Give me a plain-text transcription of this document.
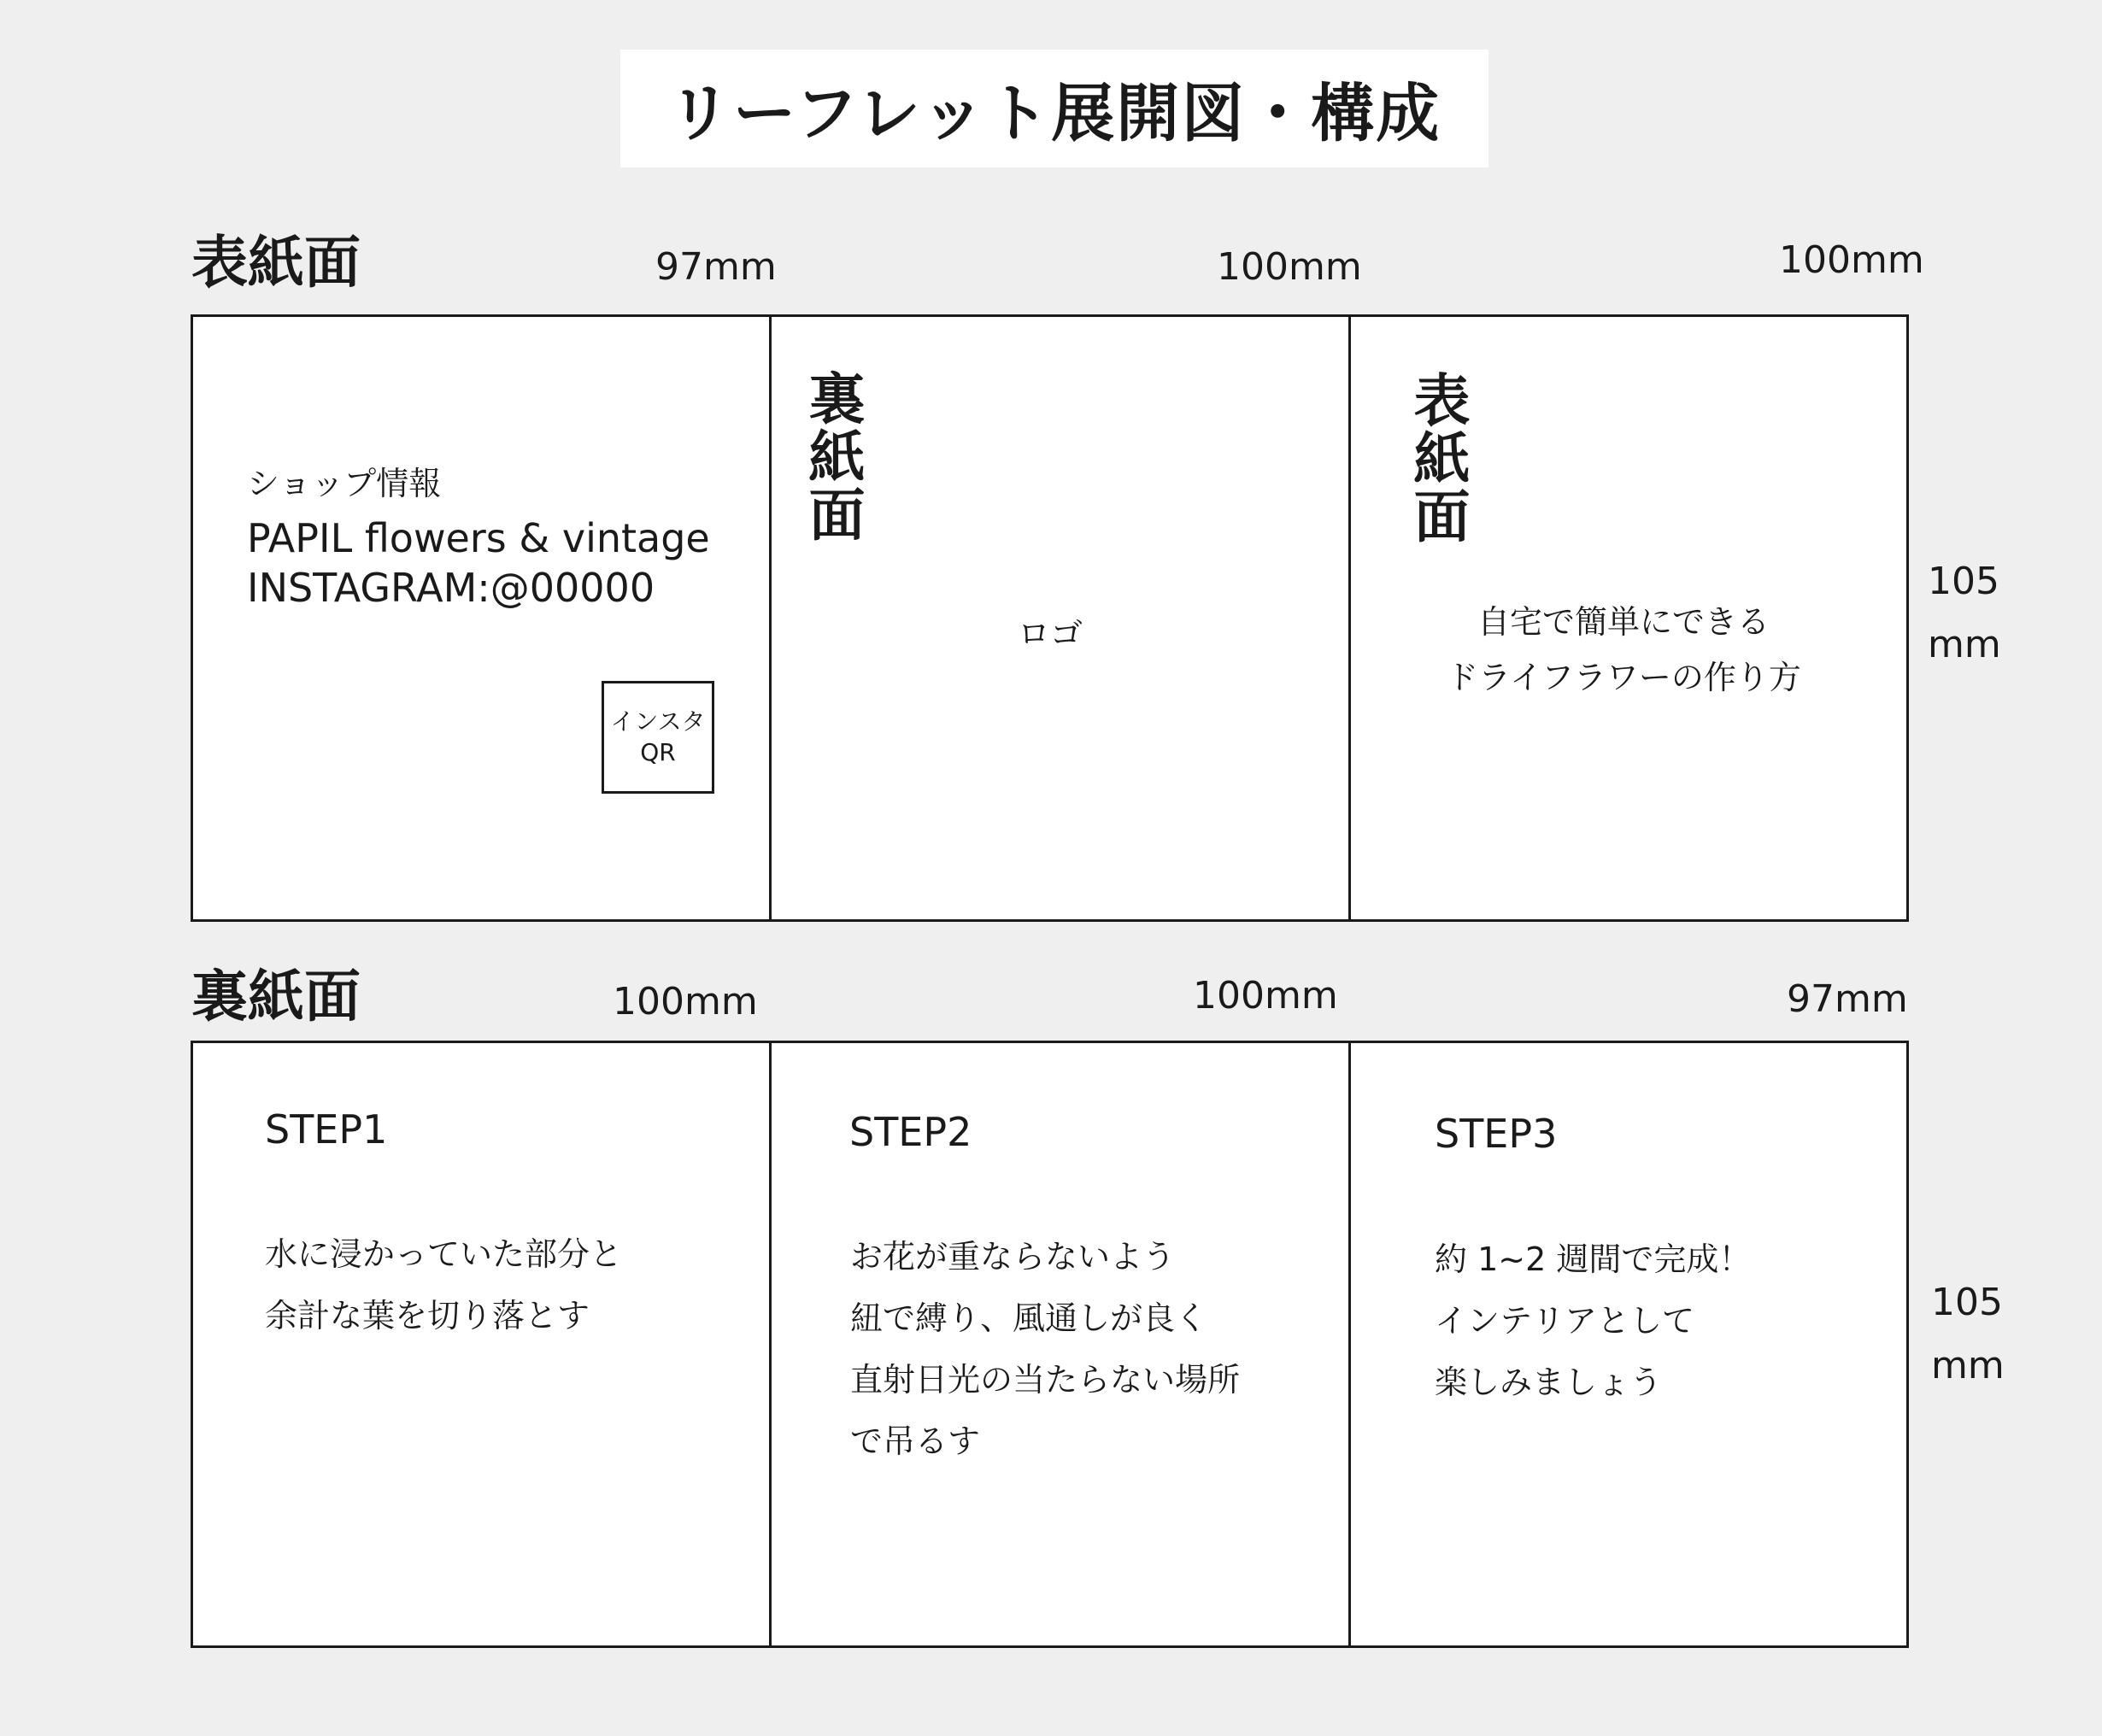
リーフレット展開図・構成
表紙面	97mm	100mm	100mm
105
mm
ショップ情報
PAPIL flowers & vintage
INSTAGRAM:@00000
インスタ
QR
裏紙面
ロゴ
表紙面
自宅で簡単にできる
ドライフラワーの作り方
裏紙面	100mm	100mm	97mm
105
mm
STEP1
水に浸かっていた部分と
余計な葉を切り落とす
STEP2
お花が重ならないよう
紐で縛り、風通しが良く
直射日光の当たらない場所
で吊るす
STEP3
約 1~2 週間で完成！
インテリアとして
楽しみましょう
